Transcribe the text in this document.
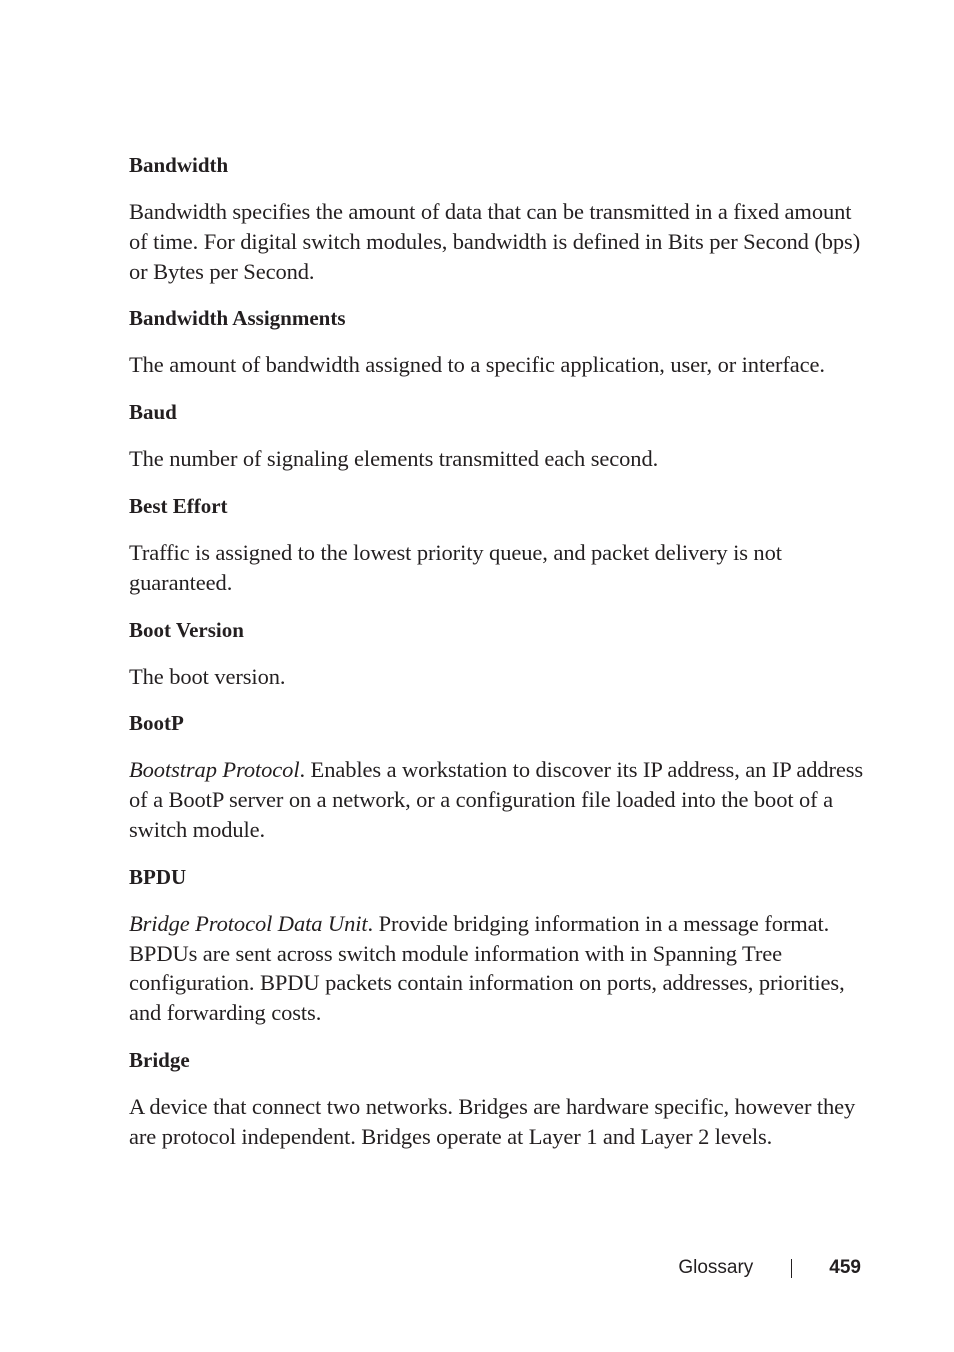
Bandwidth

Bandwidth specifies the amount of data that can be transmitted in a fixed amount of time. For digital switch modules, bandwidth is defined in Bits per Second (bps) or Bytes per Second.

Bandwidth Assignments

The amount of bandwidth assigned to a specific application, user, or interface.

Baud

The number of signaling elements transmitted each second.

Best Effort

Traffic is assigned to the lowest priority queue, and packet delivery is not guaranteed.

Boot Version

The boot version.

BootP

Bootstrap Protocol. Enables a workstation to discover its IP address, an IP address of a BootP server on a network, or a configuration file loaded into the boot of a switch module.

BPDU

Bridge Protocol Data Unit. Provide bridging information in a message format. BPDUs are sent across switch module information with in Spanning Tree configuration. BPDU packets contain information on ports, addresses, priorities, and forwarding costs.

Bridge

A device that connect two networks. Bridges are hardware specific, however they are protocol independent. Bridges operate at Layer 1 and Layer 2 levels.

Glossary	459
